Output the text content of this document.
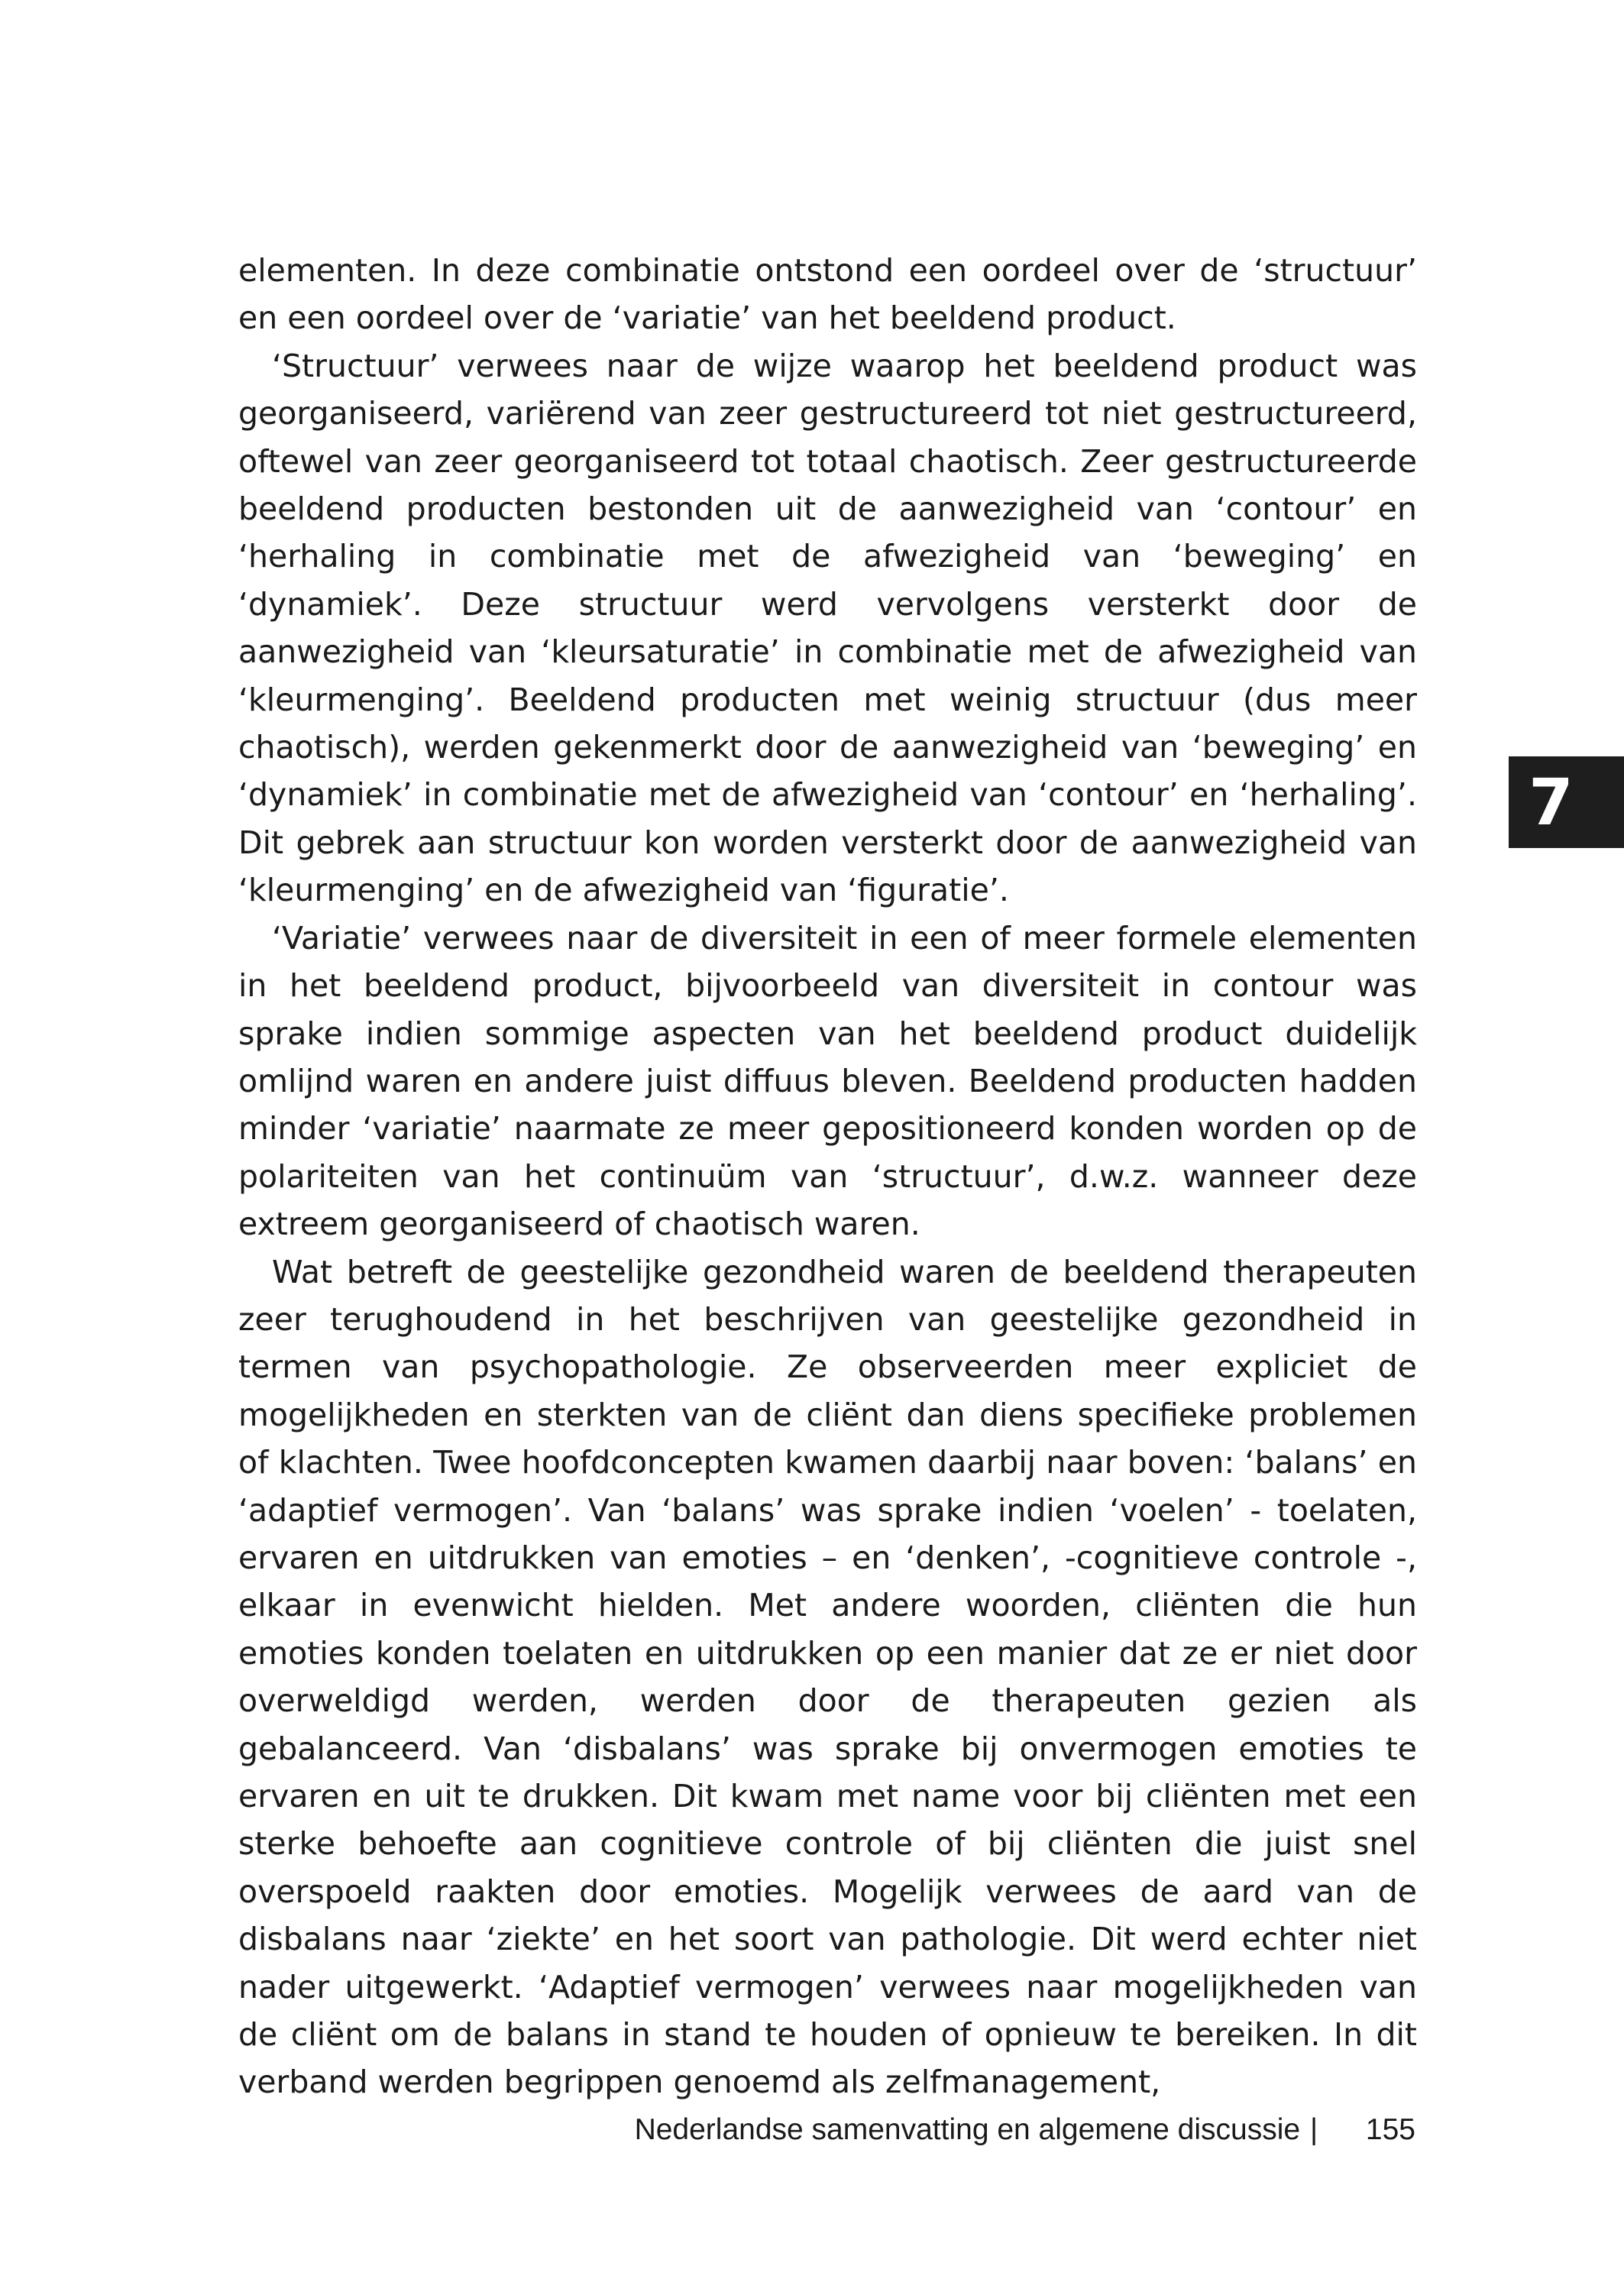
elementen. In deze combinatie ontstond een oordeel over de ‘structuur’ en een oordeel over de ‘variatie’ van het beeldend product.

‘Structuur’ verwees naar de wijze waarop het beeldend product was georganiseerd, variërend van zeer gestructureerd tot niet gestructureerd, oftewel van zeer georganiseerd tot totaal chaotisch. Zeer gestructureerde beeldend producten bestonden uit de aanwezigheid van ‘contour’ en ‘herhaling in combinatie met de afwezigheid van ‘beweging’ en ‘dynamiek’. Deze structuur werd vervolgens versterkt door de aanwezigheid van ‘kleursaturatie’ in combinatie met de afwezigheid van ‘kleurmenging’. Beeldend producten met weinig structuur (dus meer chaotisch), werden gekenmerkt door de aanwezigheid van ‘beweging’ en ‘dynamiek’ in combinatie met de afwezigheid van ‘contour’ en ‘herhaling’. Dit gebrek aan structuur kon worden versterkt door de aanwezigheid van ‘kleurmenging’ en de afwezigheid van ‘figuratie’.

‘Variatie’ verwees naar de diversiteit in een of meer formele elementen in het beeldend product, bijvoorbeeld van diversiteit in contour was sprake indien sommige aspecten van het beeldend product duidelijk omlijnd waren en andere juist diffuus bleven. Beeldend producten hadden minder ‘variatie’ naarmate ze meer gepositioneerd konden worden op de polariteiten van het continuüm van ‘structuur’, d.w.z. wanneer deze extreem georganiseerd of chaotisch waren.

Wat betreft de geestelijke gezondheid waren de beeldend therapeuten zeer terughoudend in het beschrijven van geestelijke gezondheid in termen van psychopathologie. Ze observeerden meer expliciet de mogelijkheden en sterkten van de cliënt dan diens specifieke problemen of klachten. Twee hoofdconcepten kwamen daarbij naar boven: ‘balans’ en ‘adaptief vermogen’. Van ‘balans’ was sprake indien ‘voelen’ - toelaten, ervaren en uitdrukken van emoties – en ‘denken’, -cognitieve controle -, elkaar in evenwicht hielden. Met andere woorden, cliënten die hun emoties konden toelaten en uitdrukken op een manier dat ze er niet door overweldigd werden, werden door de therapeuten gezien als gebalanceerd. Van ‘disbalans’ was sprake bij onvermogen emoties te ervaren en uit te drukken. Dit kwam met name voor bij cliënten met een sterke behoefte aan cognitieve controle of bij cliënten die juist snel overspoeld raakten door emoties. Mogelijk verwees de aard van de disbalans naar ‘ziekte’ en het soort van pathologie. Dit werd echter niet nader uitgewerkt. ‘Adaptief vermogen’ verwees naar mogelijkheden van de cliënt om de balans in stand te houden of opnieuw te bereiken. In dit verband werden begrippen genoemd als zelfmanagement,

7
Nederlandse samenvatting en algemene discussie | 155
